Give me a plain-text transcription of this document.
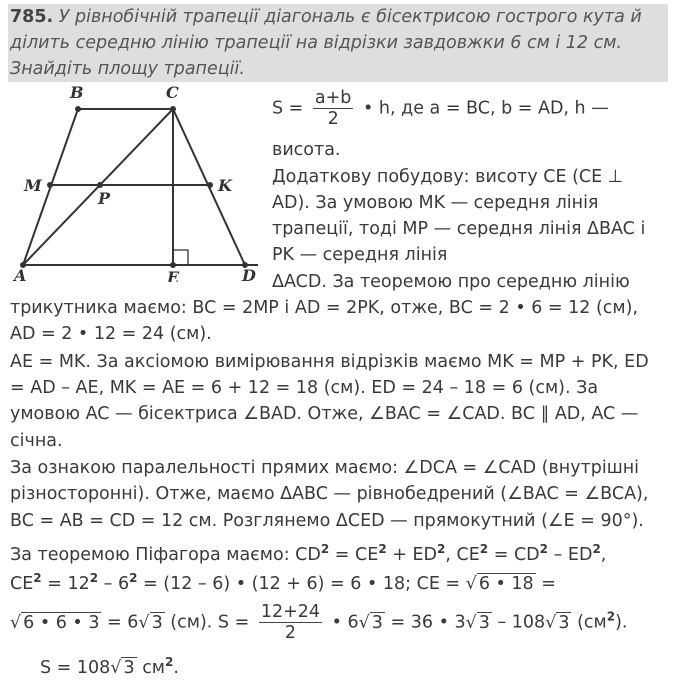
785. У рівнобічній трапеції діагональ є бісектрисою гострого кута й
ділить середню лінію трапеції на відрізки завдовжки 6 см і 12 см.
Знайдіть площу трапеції.
A
B	C
D
M
P
K
E
$S = \frac{a+b}{2}$ • h, де a = BC, b = AD, h —
висота.
Додаткову побудову: висоту CE (CE ⊥
AD). За умовою MK — середня лінія
трапеції, тоді MP — середня лінія ΔBAC і
PK — середня лінія
ΔACD. За теоремою про середню лінію
трикутника маємо: BC = 2MP і AD = 2PK, отже, BC = 2 • 6 = 12 (см),
AD = 2 • 12 = 24 (см).
AE = MK. За аксіомою вимірювання відрізків маємо MK = MP + PK, ED
= AD – AE, MK = AE = 6 + 12 = 18 (см). ED = 24 – 18 = 6 (см). За
умовою AC — бісектриса ∠BAD. Отже, ∠BAC = ∠CAD. BC ∥ AD, AC —
січна.
За ознакою паралельності прямих маємо: ∠DCA = ∠CAD (внутрішні
різносторонні). Отже, маємо ΔABC — рівнобедрений (∠BAC = ∠BCA),
BC = AB = CD = 12 см. Розглянемо ΔCED — прямокутний (∠E = 90°).
За теоремою Піфагора маємо: $CD^2 = CE^2 + ED^2$, $CE^2 = CD^2 - ED^2$,
$CE^2 = 12^2 - 6^2 = (12 - 6)$ • (12 + 6) = 6 • 18; CE = √ 6 • 18 =
√ 6 • 6 • 3 = 6√ 3 (см). $S = \frac{12+24}{2}$ • 6√ 3 = 36 • 3√ 3 – 108√ 3 $(см^2)$.
S = 108√ 3 $см^2$.
